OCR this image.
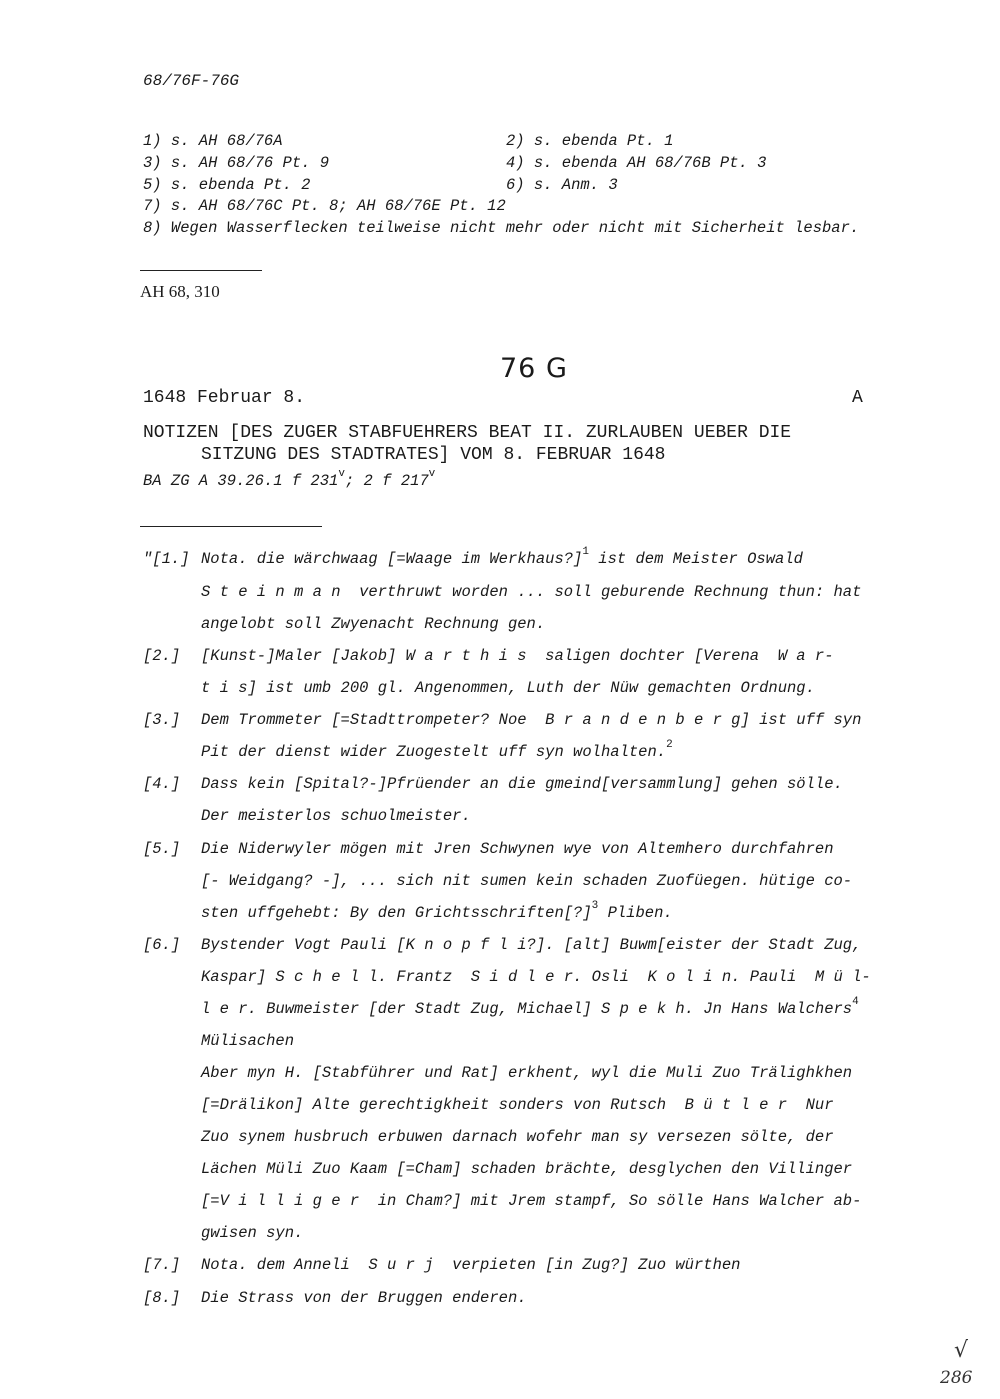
68/76F-76G
1) s. AH 68/76A	2) s. ebenda Pt. 1
3) s. AH 68/76 Pt. 9	4) s. ebenda AH 68/76B Pt. 3
5) s. ebenda Pt. 2	6) s. Anm. 3
7) s. AH 68/76C Pt. 8; AH 68/76E Pt. 12
8) Wegen Wasserflecken teilweise nicht mehr oder nicht mit Sicherheit lesbar.
AH 68, 310
76 G
1648 Februar 8.	A
NOTIZEN [DES ZUGER STABFUEHRERS BEAT II. ZURLAUBEN UEBER DIE
SITZUNG DES STADTRATES] VOM 8. FEBRUAR 1648
BA ZG A 39.26.1 f 231$^v$; 2 f 217$^v$
"[1.] Nota. die wärchwaag [=Waage im Werkhaus?]$^1$ ist dem Meister Oswald
S t e i n m a n  verthruwt worden ... soll geburende Rechnung thun: hat
angelobt soll Zwyenacht Rechnung gen.
[2.] [Kunst-]Maler [Jakob] W a r t h i s  saligen dochter [Verena  W a r-
t i s] ist umb 200 gl. Angenommen, Luth der Nüw gemachten Ordnung.
[3.] Dem Trommeter [=Stadttrompeter? Noe  B r a n d e n b e r g] ist uff syn
Pit der dienst wider Zuogestelt uff syn wolhalten.$^2$
[4.] Dass kein [Spital?-]Pfrüender an die gmeind[versammlung] gehen sölle.
Der meisterlos schuolmeister.
[5.] Die Niderwyler mögen mit Jren Schwynen wye von Altemhero durchfahren
[- Weidgang? -], ... sich nit sumen kein schaden Zuofüegen. hütige co-
sten uffgehebt: By den Grichtsschriften[?]$^3$ Pliben.
[6.] Bystender Vogt Pauli [K n o p f l i?]. [alt] Buwm[eister der Stadt Zug,
Kaspar] S c h e l l. Frantz  S i d l e r. Osli  K o l i n. Pauli  M ü l-
l e r. Buwmeister [der Stadt Zug, Michael] S p e k h. Jn Hans Walchers$^4$
Mülisachen
Aber myn H. [Stabführer und Rat] erkhent, wyl die Muli Zuo Trälighkhen
[=Drälikon] Alte gerechtigkheit sonders von Rutsch  B ü t l e r  Nur
Zuo synem husbruch erbuwen darnach wofehr man sy versezen sölte, der
Lächen Müli Zuo Kaam [=Cham] schaden brächte, desglychen den Villinger
[=V i l l i g e r  in Cham?] mit Jrem stampf, So sölle Hans Walcher ab-
gwisen syn.
[7.] Nota. dem Anneli  S u r j  verpieten [in Zug?] Zuo würthen
[8.] Die Strass von der Bruggen enderen.
√
286
